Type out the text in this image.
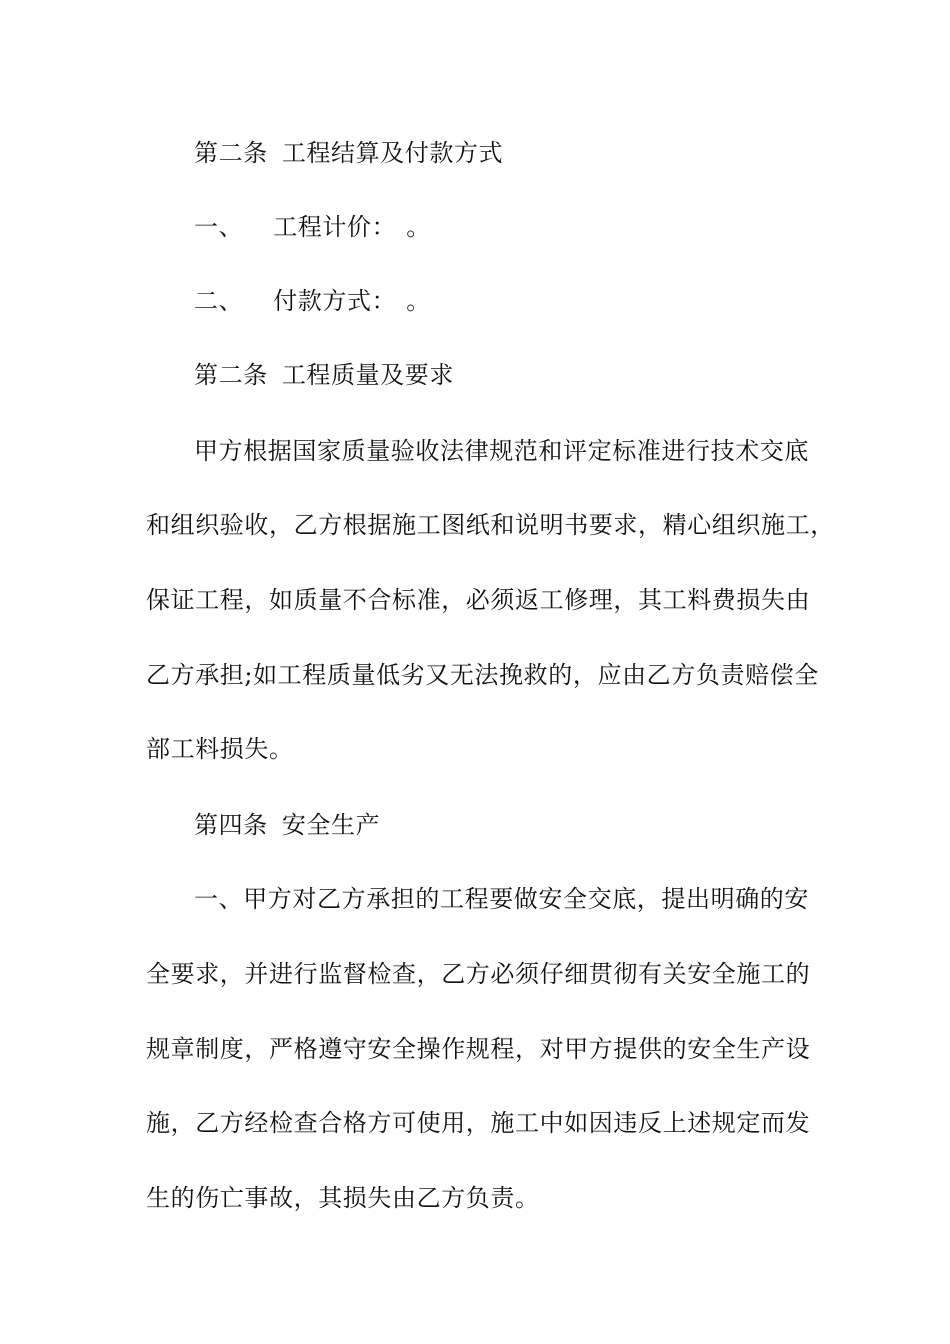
第二条 工程结算及付款方式
一、 工程计价： 。
二、 付款方式： 。
第二条 工程质量及要求
甲方根据国家质量验收法律规范和评定标准进行技术交底
和组织验收，乙方根据施工图纸和说明书要求，精心组织施工，
保证工程，如质量不合标准，必须返工修理，其工料费损失由
乙方承担;如工程质量低劣又无法挽救的，应由乙方负责赔偿全
部工料损失。
第四条 安全生产
一、甲方对乙方承担的工程要做安全交底，提出明确的安
全要求，并进行监督检查，乙方必须仔细贯彻有关安全施工的
规章制度，严格遵守安全操作规程，对甲方提供的安全生产设
施，乙方经检查合格方可使用，施工中如因违反上述规定而发
生的伤亡事故，其损失由乙方负责。
